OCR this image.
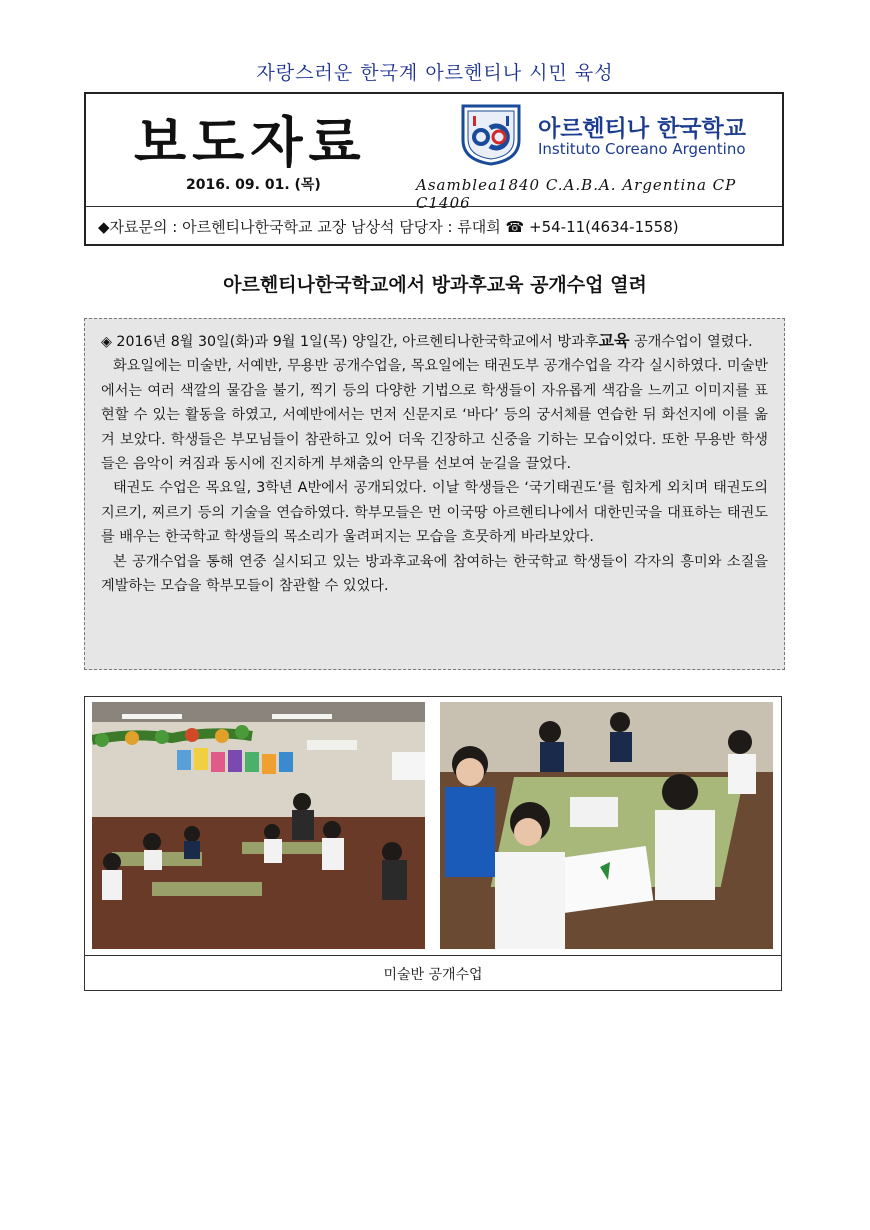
자랑스러운 한국계 아르헨티나 시민 육성
보도자료
2016. 09. 01. (목)
아르헨티나 한국학교
Instituto Coreano Argentino
Asamblea1840 C.A.B.A. Argentina CP C1406
◆자료문의 : 아르헨티나한국학교 교장 남상석 담당자 : 류대희 ☎ +54-11(4634-1558)
아르헨티나한국학교에서 방과후교육 공개수업 열려

◈ 2016년 8월 30일(화)과 9월 1일(목) 양일간, 아르헨티나한국학교에서 방과후교육 공개수업이 열렸다.

화요일에는 미술반, 서예반, 무용반 공개수업을, 목요일에는 태권도부 공개수업을 각각 실시하였다. 미술반에서는 여러 색깔의 물감을 불기, 찍기 등의 다양한 기법으로 학생들이 자유롭게 색감을 느끼고 이미지를 표현할 수 있는 활동을 하였고, 서예반에서는 먼저 신문지로 ‘바다’ 등의 궁서체를 연습한 뒤 화선지에 이를 옮겨 보았다. 학생들은 부모님들이 참관하고 있어 더욱 긴장하고 신중을 기하는 모습이었다. 또한 무용반 학생들은 음악이 켜짐과 동시에 진지하게 부채춤의 안무를 선보여 눈길을 끌었다.

태권도 수업은 목요일, 3학년 A반에서 공개되었다. 이날 학생들은 ‘국기태권도’를 힘차게 외치며 태권도의 지르기, 찌르기 등의 기술을 연습하였다. 학부모들은 먼 이국땅 아르헨티나에서 대한민국을 대표하는 태권도를 배우는 한국학교 학생들의 목소리가 울려퍼지는 모습을 흐뭇하게 바라보았다.

본 공개수업을 통해 연중 실시되고 있는 방과후교육에 참여하는 한국학교 학생들이 각자의 흥미와 소질을 계발하는 모습을 학부모들이 참관할 수 있었다.

미술반 공개수업
